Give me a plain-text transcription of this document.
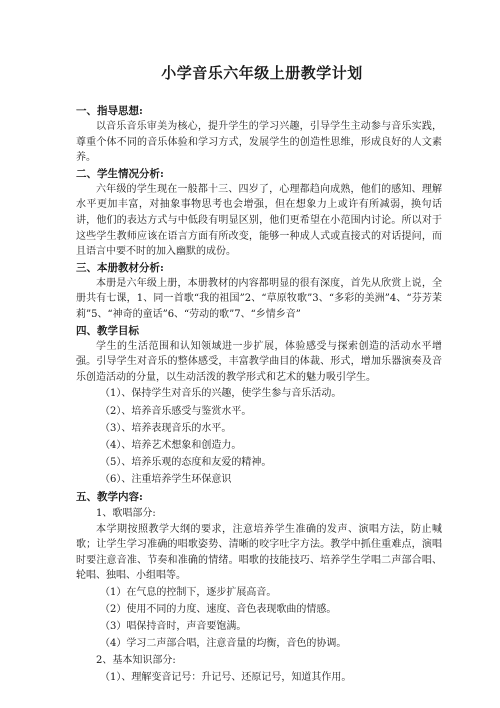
小学音乐六年级上册教学计划

一、指导思想:

以音乐音乐审美为核心，提升学生的学习兴趣，引导学生主动参与音乐实践，尊重个体不同的音乐体验和学习方式，发展学生的创造性思维，形成良好的人文素养。

二、学生情况分析:

六年级的学生现在一般都十三、四岁了，心理都趋向成熟，他们的感知、理解水平更加丰富，对抽象事物思考也会增强，但在想象力上或许有所减弱，换句话讲，他们的表达方式与中低段有明显区别，他们更希望在小范围内讨论。所以对于这些学生教师应该在语言方面有所改变，能够一种成人式或直接式的对话提问，而且语言中要不时的加入幽默的成份。

三、本册教材分析:

本册是六年级上册，本册教材的内容都明显的很有深度，首先从欣赏上说，全册共有七课，1、同一首歌“我的祖国”2、“草原牧歌”3、“多彩的美洲”4、“芬芳茉莉”5、“神奇的童话”6、“劳动的歌”7、“乡情乡音”

四、教学目标

学生的生活范围和认知领域进一步扩展，体验感受与探索创造的活动水平增强。引导学生对音乐的整体感受，丰富教学曲目的体裁、形式，增加乐器演奏及音乐创造活动的分量，以生动活泼的教学形式和艺术的魅力吸引学生。

（1）、保持学生对音乐的兴趣，使学生参与音乐活动。

（2）、培养音乐感受与鉴赏水平。

（3）、培养表现音乐的水平。

（4）、培养艺术想象和创造力。

（5）、培养乐观的态度和友爱的精神。

（6）、注重培养学生环保意识

五、教学内容:

1、歌唱部分:

本学期按照教学大纲的要求，注意培养学生准确的发声、演唱方法，防止喊歌；让学生学习准确的唱歌姿势、清晰的咬字吐字方法。教学中抓住重难点，演唱时要注意音准、节奏和准确的情绪。唱歌的技能技巧、培养学生学唱二声部合唱、轮唱、独唱、小组唱等。

（1）在气息的控制下，逐步扩展高音。

（2）使用不同的力度、速度、音色表现歌曲的情感。

（3）唱保持音时，声音要饱满。

（4）学习二声部合唱，注意音量的均衡，音色的协调。

2、基本知识部分:

（1）、理解变音记号：升记号、还原记号，知道其作用。
